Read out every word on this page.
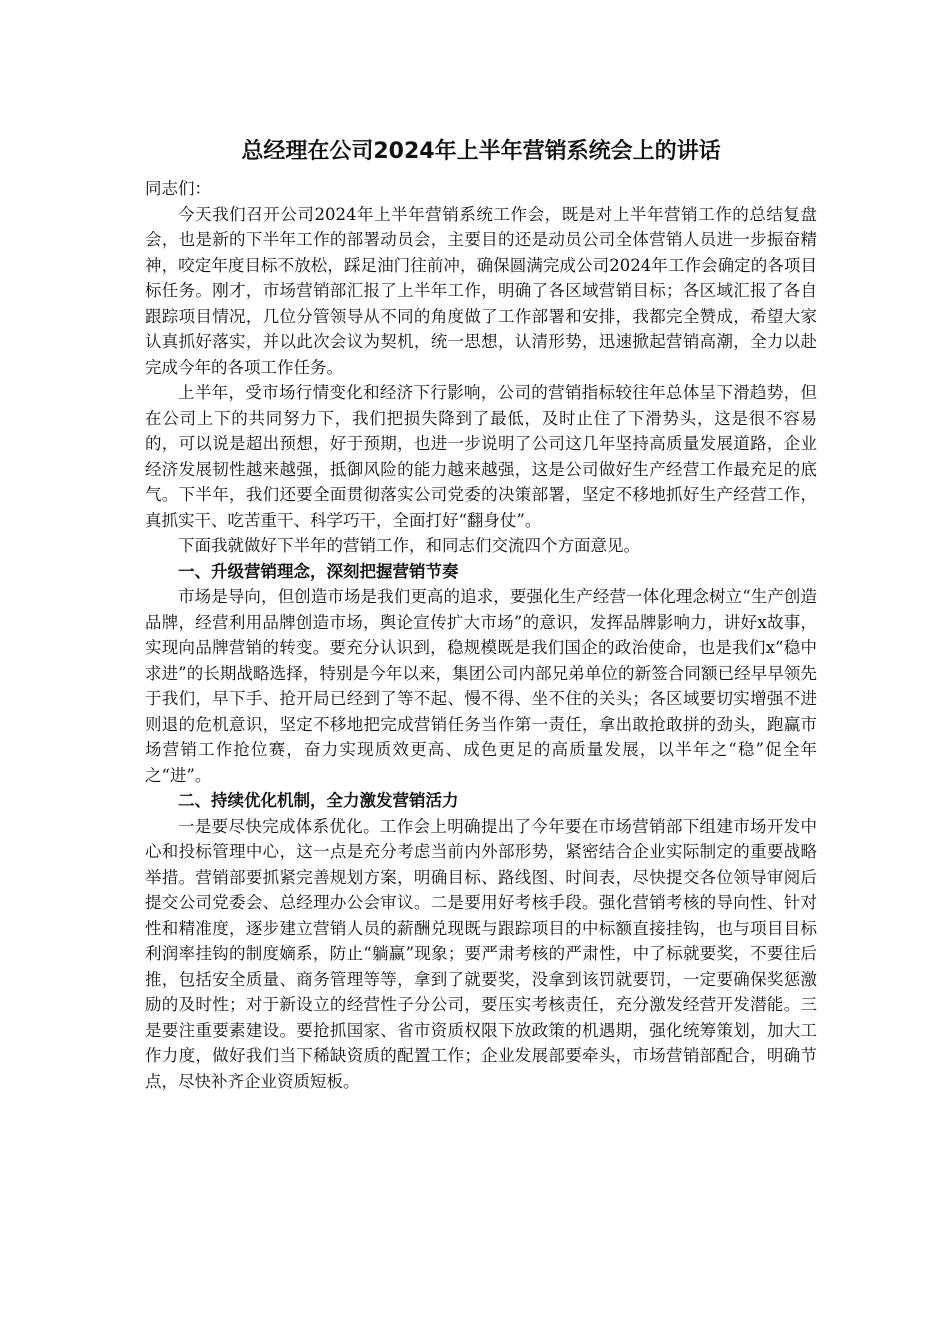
总经理在公司2024年上半年营销系统会上的讲话

同志们：

今天我们召开公司2024年上半年营销系统工作会，既是对上半年营销工作的总结复盘会，也是新的下半年工作的部署动员会，主要目的还是动员公司全体营销人员进一步振奋精神，咬定年度目标不放松，踩足油门往前冲，确保圆满完成公司2024年工作会确定的各项目标任务。刚才，市场营销部汇报了上半年工作，明确了各区域营销目标；各区域汇报了各自跟踪项目情况，几位分管领导从不同的角度做了工作部署和安排，我都完全赞成，希望大家认真抓好落实，并以此次会议为契机，统一思想，认清形势，迅速掀起营销高潮，全力以赴完成今年的各项工作任务。

上半年，受市场行情变化和经济下行影响，公司的营销指标较往年总体呈下滑趋势，但在公司上下的共同努力下，我们把损失降到了最低，及时止住了下滑势头，这是很不容易的，可以说是超出预想，好于预期，也进一步说明了公司这几年坚持高质量发展道路，企业经济发展韧性越来越强，抵御风险的能力越来越强，这是公司做好生产经营工作最充足的底气。下半年，我们还要全面贯彻落实公司党委的决策部署，坚定不移地抓好生产经营工作，真抓实干、吃苦重干、科学巧干，全面打好“翻身仗”。

下面我就做好下半年的营销工作，和同志们交流四个方面意见。

一、升级营销理念，深刻把握营销节奏

市场是导向，但创造市场是我们更高的追求，要强化生产经营一体化理念树立“生产创造品牌，经营利用品牌创造市场，舆论宣传扩大市场”的意识，发挥品牌影响力，讲好x故事，实现向品牌营销的转变。要充分认识到，稳规模既是我们国企的政治使命，也是我们x“稳中求进”的长期战略选择，特别是今年以来，集团公司内部兄弟单位的新签合同额已经早早领先于我们，早下手、抢开局已经到了等不起、慢不得、坐不住的关头；各区域要切实增强不进则退的危机意识，坚定不移地把完成营销任务当作第一责任，拿出敢抢敢拼的劲头，跑赢市场营销工作抢位赛，奋力实现质效更高、成色更足的高质量发展，以半年之“稳”促全年之“进”。

二、持续优化机制，全力激发营销活力

一是要尽快完成体系优化。工作会上明确提出了今年要在市场营销部下组建市场开发中心和投标管理中心，这一点是充分考虑当前内外部形势，紧密结合企业实际制定的重要战略举措。营销部要抓紧完善规划方案，明确目标、路线图、时间表，尽快提交各位领导审阅后提交公司党委会、总经理办公会审议。二是要用好考核手段。强化营销考核的导向性、针对性和精准度，逐步建立营销人员的薪酬兑现既与跟踪项目的中标额直接挂钩，也与项目目标利润率挂钩的制度嫡系，防止“躺赢”现象；要严肃考核的严肃性，中了标就要奖，不要往后推，包括安全质量、商务管理等等，拿到了就要奖，没拿到该罚就要罚，一定要确保奖惩激励的及时性；对于新设立的经营性子分公司，要压实考核责任，充分激发经营开发潜能。三是要注重要素建设。要抢抓国家、省市资质权限下放政策的机遇期，强化统筹策划，加大工作力度，做好我们当下稀缺资质的配置工作；企业发展部要牵头，市场营销部配合，明确节点，尽快补齐企业资质短板。
